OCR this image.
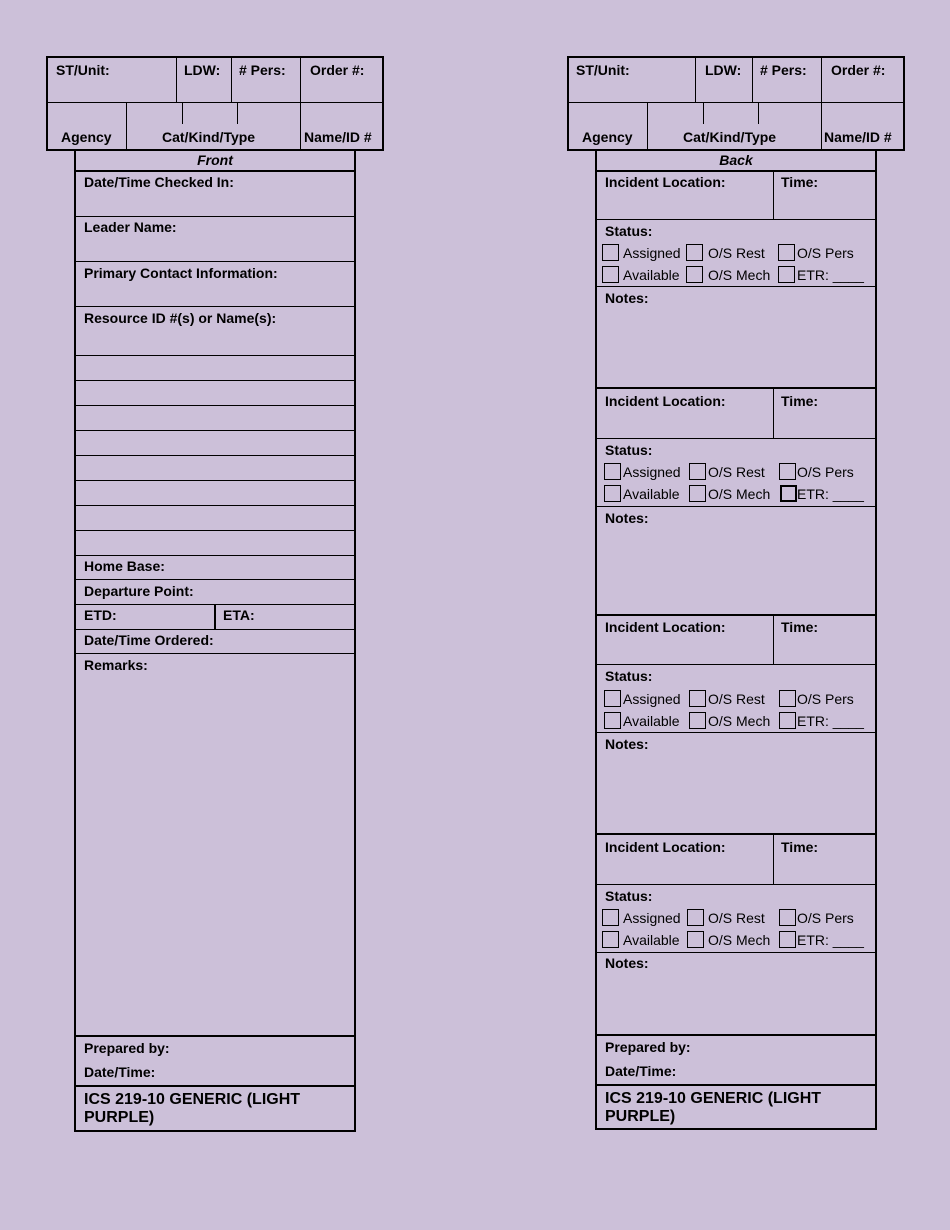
ST/Unit:	LDW: # Pers: Order #:
Agency	Cat/Kind/Type	Name/ID #
Front
Date/Time Checked In:
Leader Name:
Primary Contact Information:
Resource ID #(s) or Name(s):
Home Base:
Departure Point:
ETD:	ETA:
Date/Time Ordered:
Remarks:
Prepared by:
Date/Time:
ICS 219-10 GENERIC (LIGHT PURPLE)
ST/Unit:	LDW: # Pers: Order #:
Agency	Cat/Kind/Type	Name/ID #
Back
Incident Location:	Time:
Status:
Assigned O/S Rest O/S Pers
Available O/S Mech ETR: ____
Notes:
Incident Location:	Time:
Status:
Assigned O/S Rest O/S Pers
Available O/S Mech ETR: ____
Notes:
Incident Location:	Time:
Status:
Assigned O/S Rest O/S Pers
Available O/S Mech ETR: ____
Notes:
Incident Location:	Time:
Status:
Assigned O/S Rest O/S Pers
Available O/S Mech ETR: ____
Notes:
Prepared by:
Date/Time:
ICS 219-10 GENERIC (LIGHT PURPLE)
